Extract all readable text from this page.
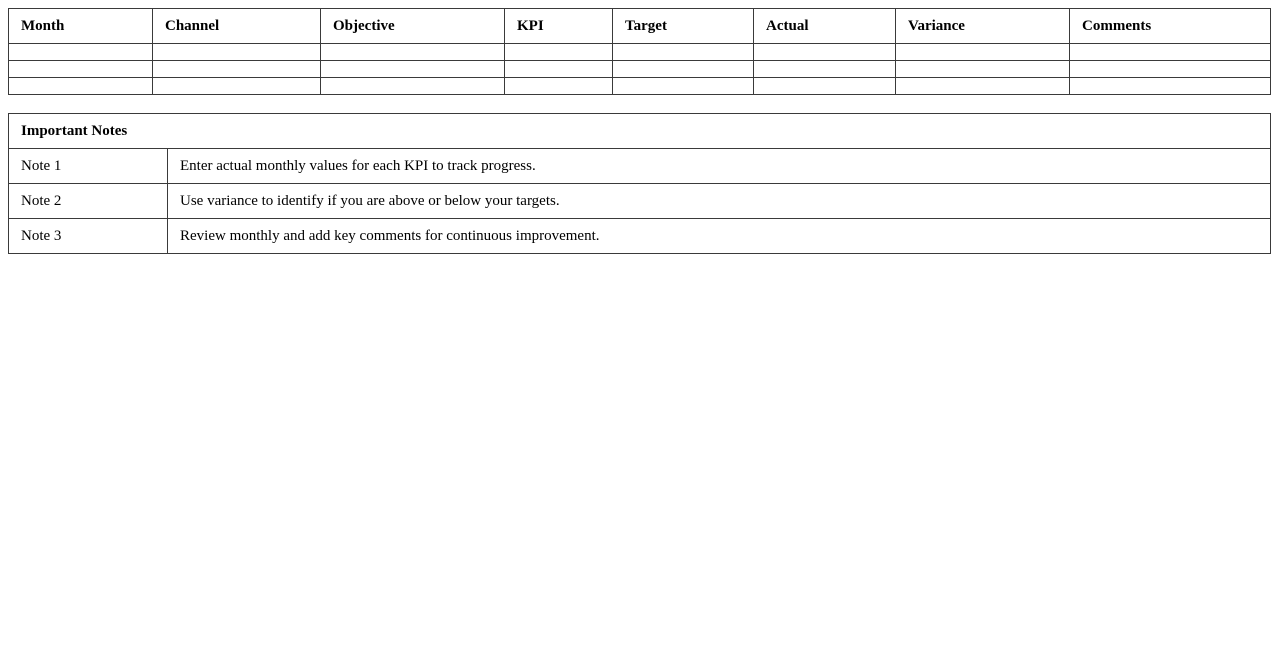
Month	Channel	Objective	KPI	Target	Actual	Variance	Comments

Important Notes	
Note 1	Enter actual monthly values for each KPI to track progress.
Note 2	Use variance to identify if you are above or below your targets.
Note 3	Review monthly and add key comments for continuous improvement.
